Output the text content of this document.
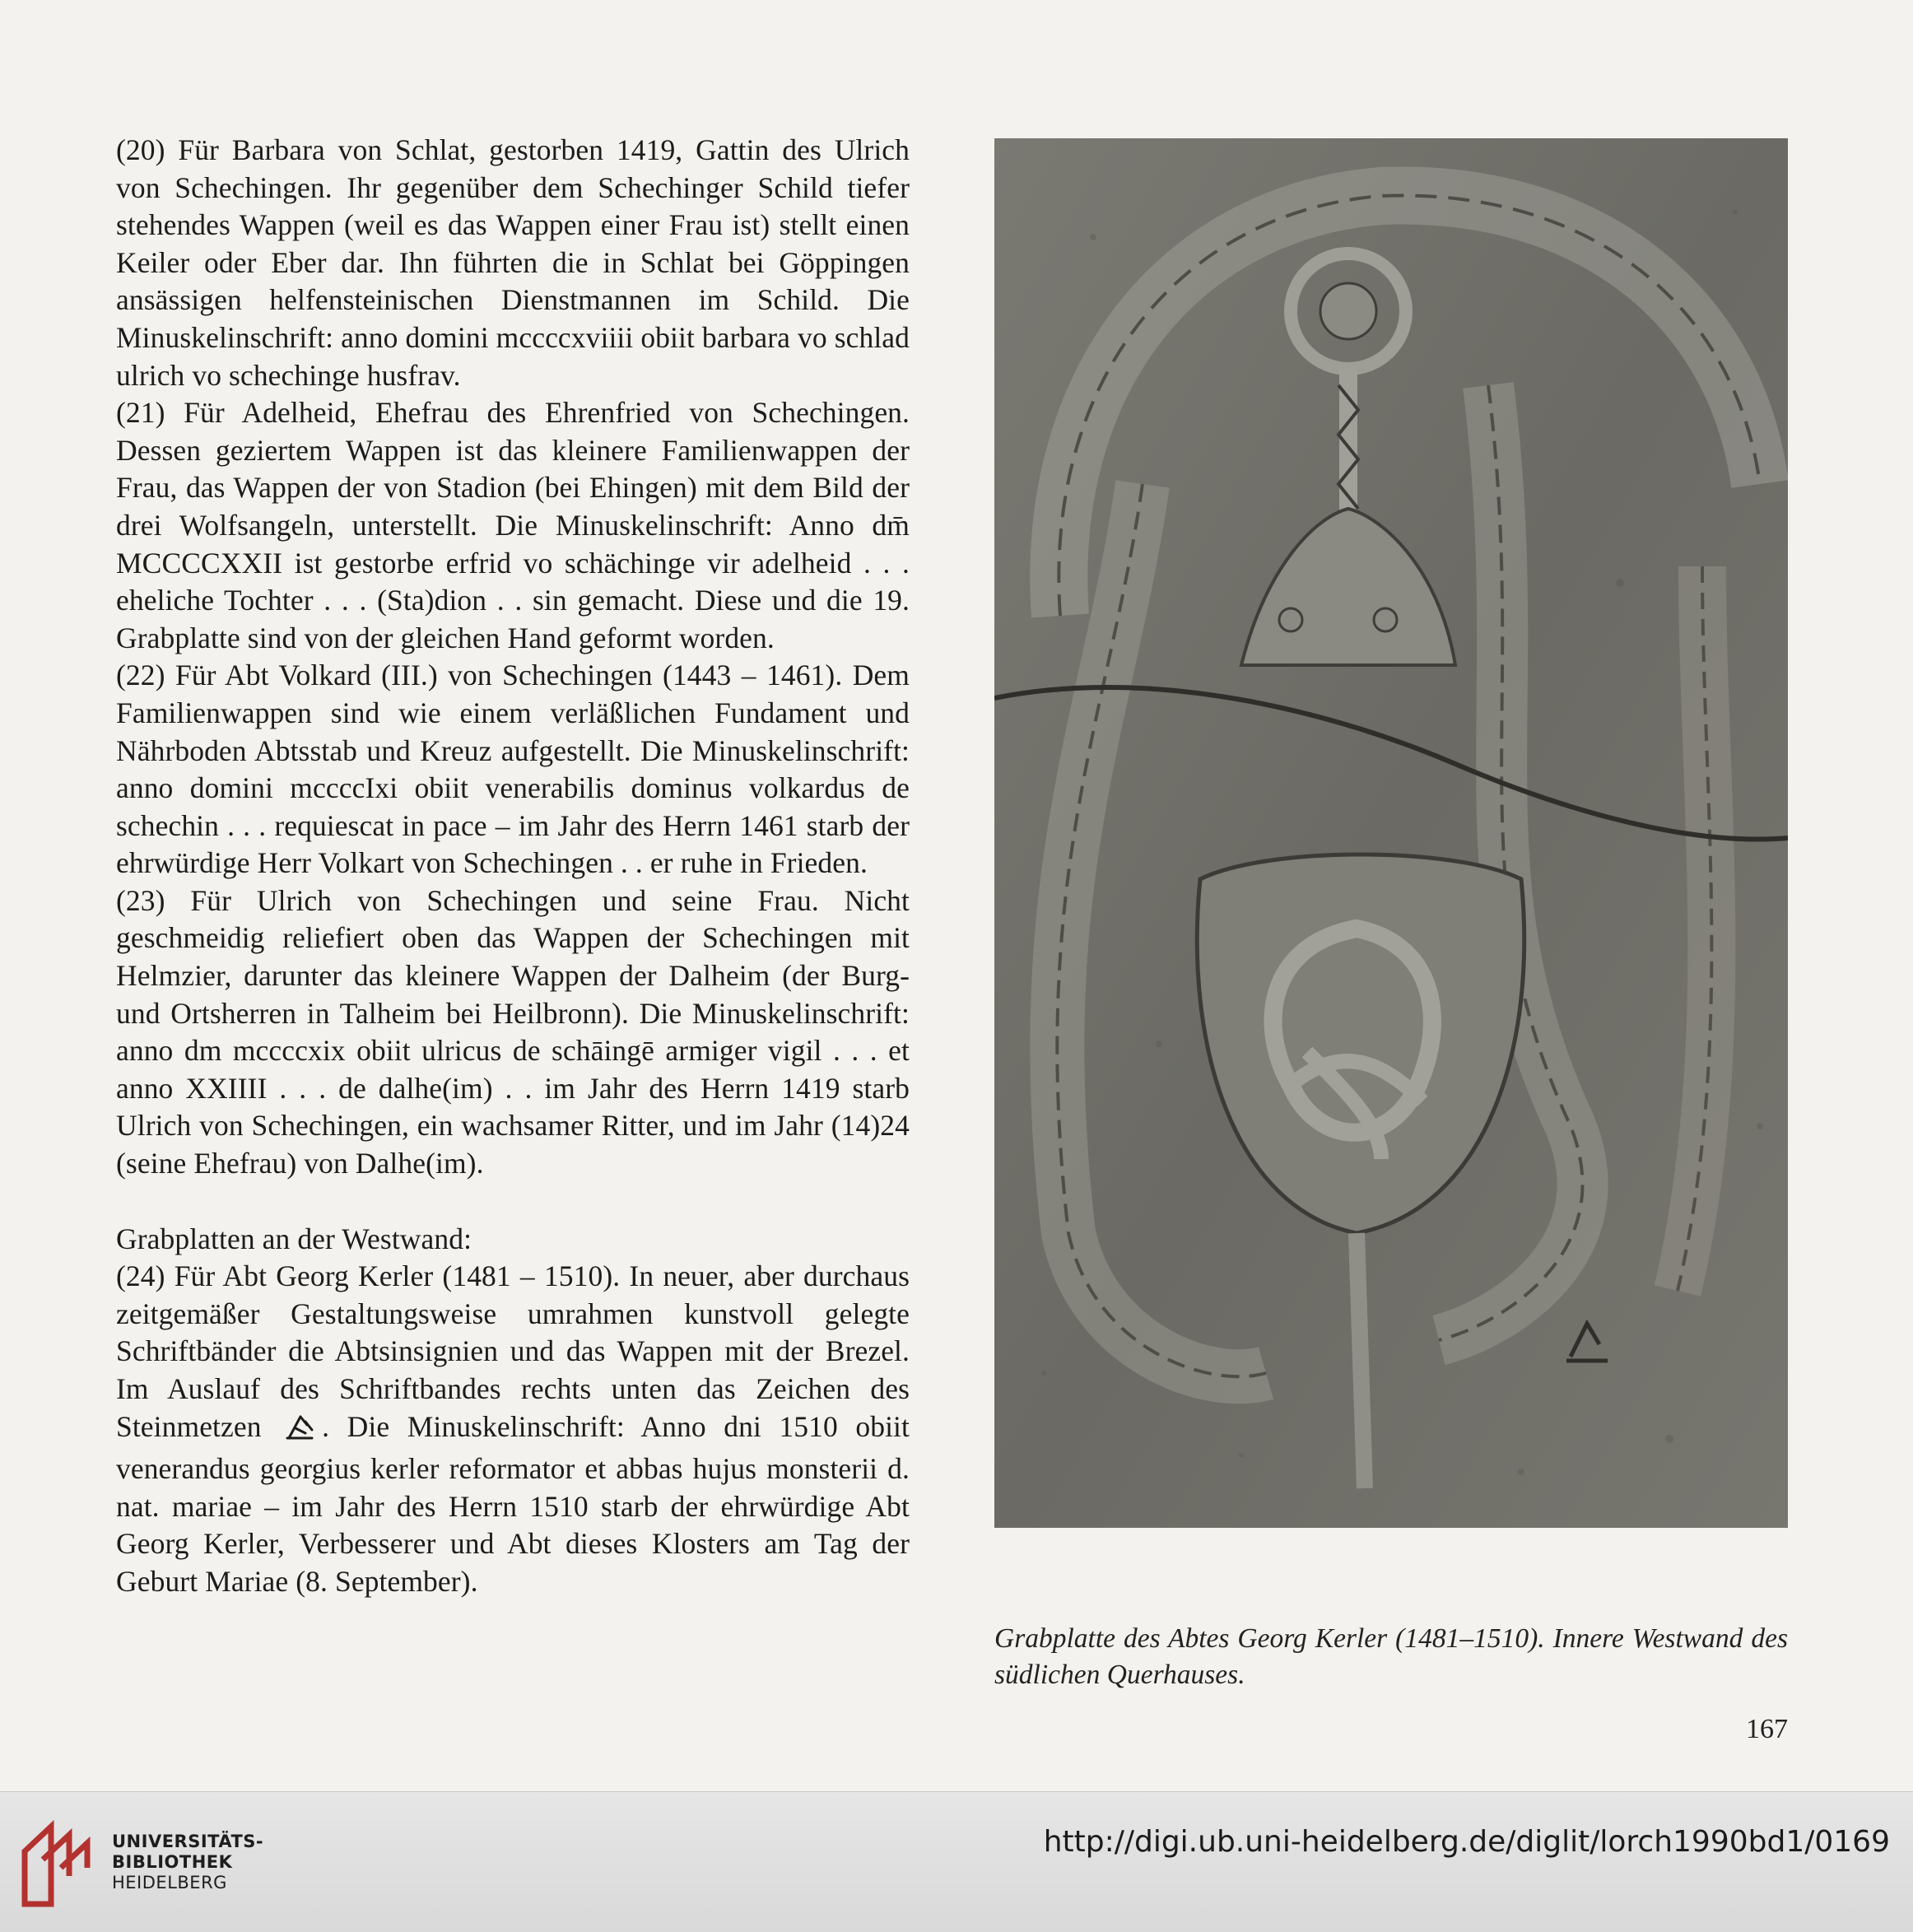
(20) Für Barbara von Schlat, gestorben 1419, Gattin des Ulrich von Schechingen. Ihr gegenüber dem Schechinger Schild tiefer stehendes Wappen (weil es das Wappen einer Frau ist) stellt einen Keiler oder Eber dar. Ihn führten die in Schlat bei Göppingen ansässigen helfensteinischen Dienstmannen im Schild. Die Minuskelinschrift: anno domini mccccxviiii obiit barbara vo schlad ulrich vo schechinge husfrav.

(21) Für Adelheid, Ehefrau des Ehrenfried von Schechingen. Dessen geziertem Wappen ist das kleinere Familienwappen der Frau, das Wappen der von Stadion (bei Ehingen) mit dem Bild der drei Wolfsangeln, unterstellt. Die Minuskelinschrift: Anno dm̄ MCCCCXXII ist gestorbe erfrid vo schächinge vir adelheid . . . eheliche Tochter . . . (Sta)dion . . sin gemacht. Diese und die 19. Grabplatte sind von der gleichen Hand geformt worden.

(22) Für Abt Volkard (III.) von Schechingen (1443 – 1461). Dem Familienwappen sind wie einem verläßlichen Fundament und Nährboden Abtsstab und Kreuz aufgestellt. Die Minuskelinschrift: anno domini mccccIxi obiit venerabilis dominus volkardus de schechin . . . requiescat in pace – im Jahr des Herrn 1461 starb der ehrwürdige Herr Volkart von Schechingen . . er ruhe in Frieden.

(23) Für Ulrich von Schechingen und seine Frau. Nicht geschmeidig reliefiert oben das Wappen der Schechingen mit Helmzier, darunter das kleinere Wappen der Dalheim (der Burg- und Ortsherren in Talheim bei Heilbronn). Die Minuskelinschrift: anno dm mccccxix obiit ulricus de schāingē armiger vigil . . . et anno XXIIII . . . de dalhe(im) . . im Jahr des Herrn 1419 starb Ulrich von Schechingen, ein wachsamer Ritter, und im Jahr (14)24 (seine Ehefrau) von Dalhe(im).

Grabplatten an der Westwand:

(24) Für Abt Georg Kerler (1481 – 1510). In neuer, aber durchaus zeitgemäßer Gestaltungsweise umrahmen kunstvoll gelegte Schriftbänder die Abtsinsignien und das Wappen mit der Brezel. Im Auslauf des Schriftbandes rechts unten das Zeichen des Steinmetzen . Die Minuskelinschrift: Anno dni 1510 obiit venerandus georgius kerler reformator et abbas hujus monsterii d. nat. mariae – im Jahr des Herrn 1510 starb der ehrwürdige Abt Georg Kerler, Verbesserer und Abt dieses Klosters am Tag der Geburt Mariae (8. September).

Grabplatte des Abtes Georg Kerler (1481–1510). Innere Westwand des südlichen Querhauses.

167
UNIVERSITÄTS-
BIBLIOTHEK
HEIDELBERG
http://digi.ub.uni-heidelberg.de/diglit/lorch1990bd1/0169
